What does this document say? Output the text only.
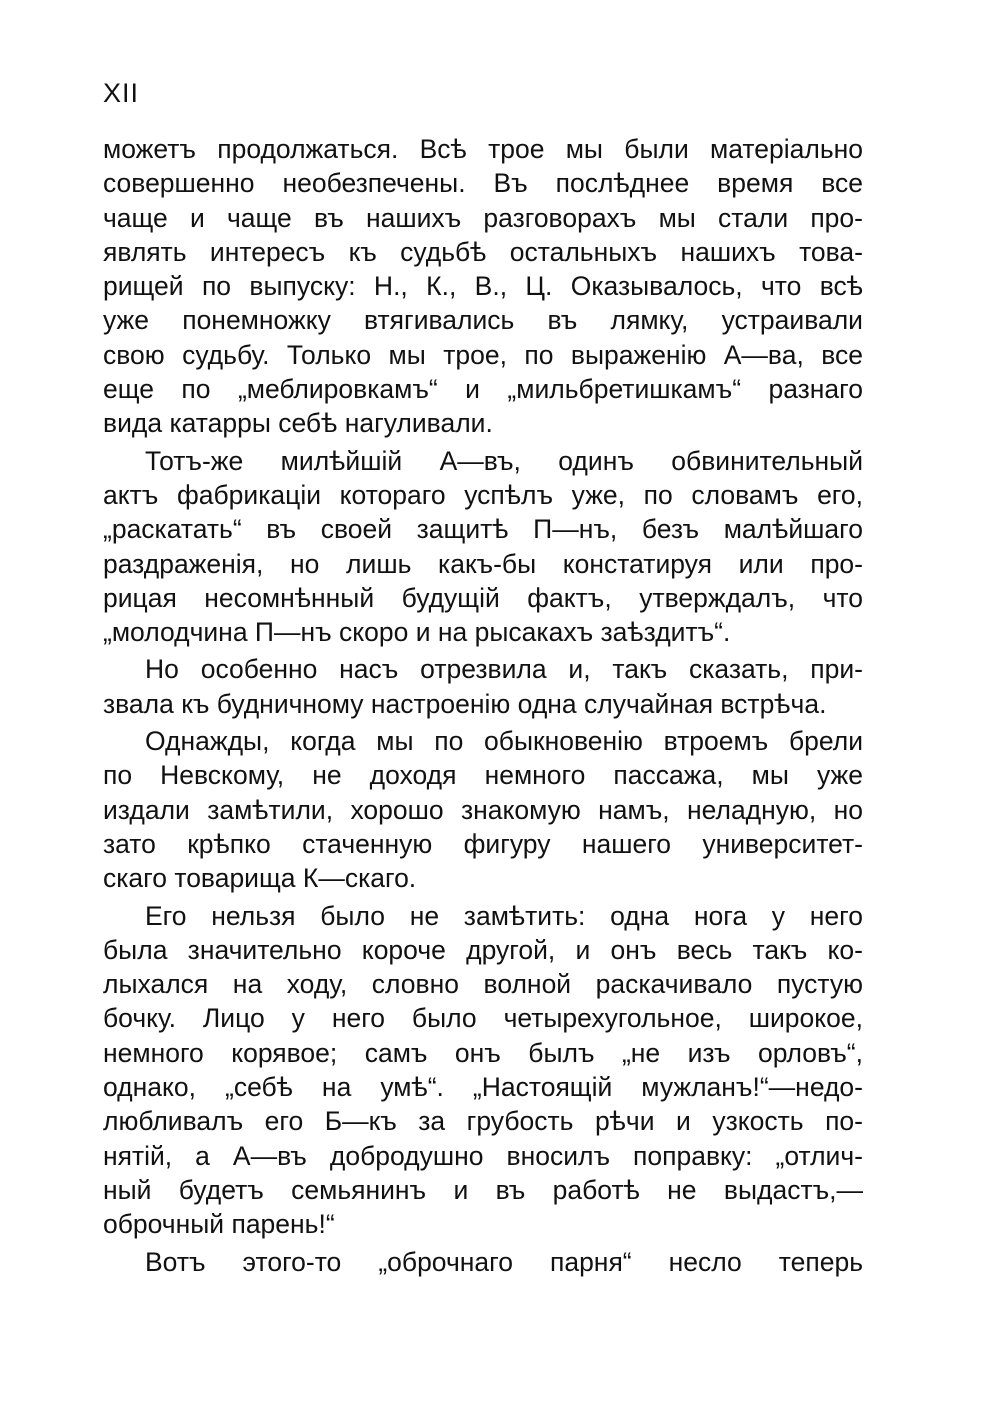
XII

можетъ продолжаться. Всѣ трое мы были матеріально
совершенно необезпечены. Въ послѣднее время все
чаще и чаще въ нашихъ разговорахъ мы стали про-
являть интересъ къ судьбѣ остальныхъ нашихъ това-
рищей по выпуску: Н., К., В., Ц. Оказывалось, что всѣ
уже понемножку втягивались въ лямку, устраивали
свою судьбу. Только мы трое, по выраженію А—ва, все
еще по „меблировкамъ“ и „мильбретишкамъ“ разнаго
вида катарры себѣ нагуливали.

Тотъ-же милѣйшій А—въ, одинъ обвинительный
актъ фабрикаціи котораго успѣлъ уже, по словамъ его,
„раскатать“ въ своей защитѣ П—нъ, безъ малѣйшаго
раздраженія, но лишь какъ-бы констатируя или про-
рицая несомнѣнный будущій фактъ, утверждалъ, что
„молодчина П—нъ скоро и на рысакахъ заѣздитъ“.

Но особенно насъ отрезвила и, такъ сказать, при-
звала къ будничному настроенію одна случайная встрѣча.

Однажды, когда мы по обыкновенію втроемъ брели
по Невскому, не доходя немного пассажа, мы уже
издали замѣтили, хорошо знакомую намъ, неладную, но
зато крѣпко стаченную фигуру нашего университет-
скаго товарища К—скаго.

Его нельзя было не замѣтить: одна нога у него
была значительно короче другой, и онъ весь такъ ко-
лыхался на ходу, словно волной раскачивало пустую
бочку. Лицо у него было четырехугольное, широкое,
немного корявое; самъ онъ былъ „не изъ орловъ“,
однако, „себѣ на умѣ“. „Настоящій мужланъ!“—недо-
любливалъ его Б—къ за грубость рѣчи и узкость по-
нятій, а А—въ добродушно вносилъ поправку: „отлич-
ный будетъ семьянинъ и въ работѣ не выдастъ,—
оброчный парень!“

Вотъ этого-то „оброчнаго парня“ несло теперь
